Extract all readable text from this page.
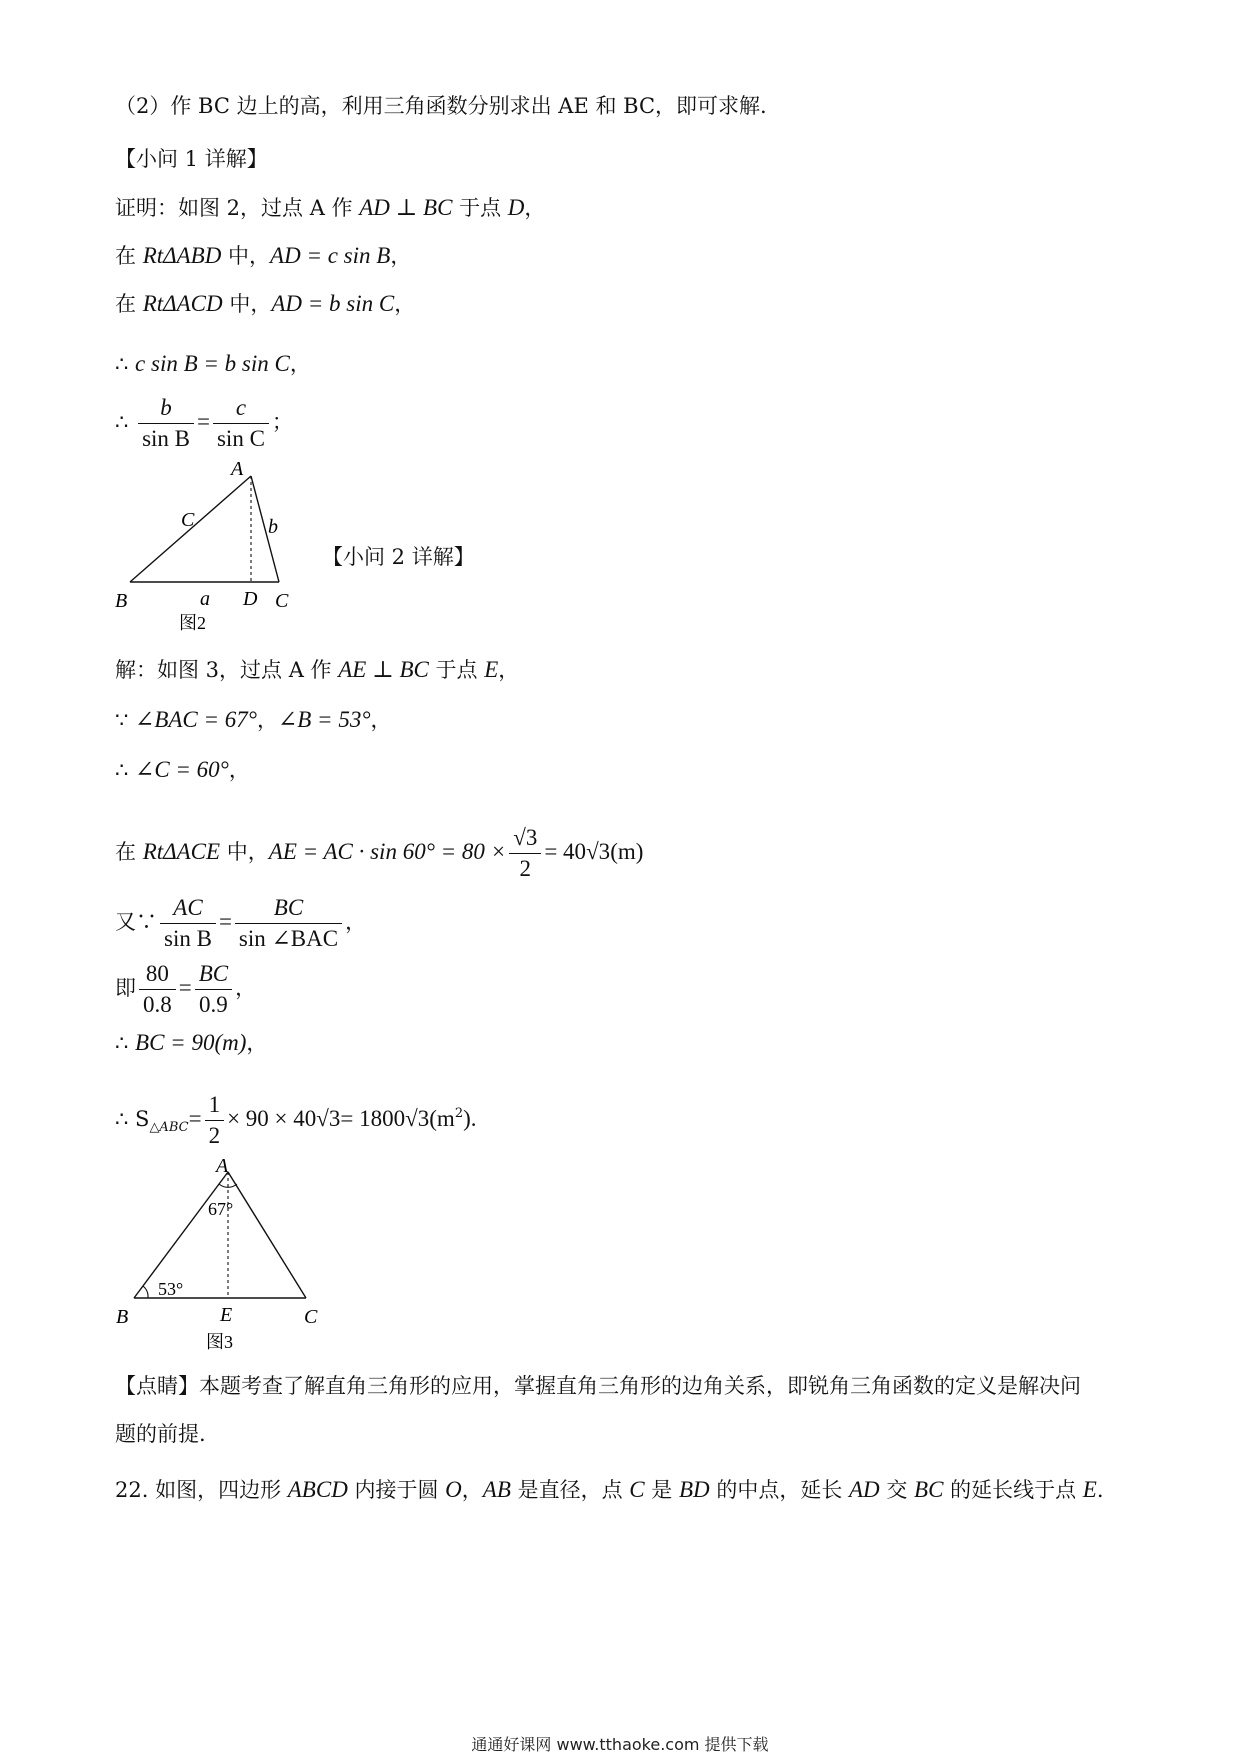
（2）作 BC 边上的高，利用三角函数分别求出 AE 和 BC，即可求解.
【小问 1 详解】
证明：如图 2，过点 A 作 AD ⊥ BC 于点 D，
在 RtΔABD 中，AD = c sin B，
在 RtΔACD 中，AD = b sin C，
∴ c sin B = b sin C，
∴ $\frac{b}{\text{sin B}} = \frac{c}{\text{sin C}}$ ；
A
B	C
D
C	b
a
图2
【小问 2 详解】
解：如图 3，过点 A 作 AE ⊥ BC 于点 E，
∵ ∠BAC = 67°，∠B = 53°，
∴ ∠C = 60°，
在 RtΔACE 中，AE = AC · $\sin 60^\circ = 80 \times \frac{√3}{2} = 40√3(m)$
又∵ $\frac{AC}{\text{sin B}} = \frac{BC}{\text{sin ∠BAC}}$ ，
即 $\frac{80}{0.8} = \frac{BC}{0.9}$ ，
∴ BC = 90(m)，
∴ $S_{\triangle ABC}= \frac{1}{2} \times 90 \times 40√3= 1800√3(m^2)$.
A
B	C
E
67°
53°
图3
【点睛】本题考查了解直角三角形的应用，掌握直角三角形的边角关系，即锐角三角函数的定义是解决问
题的前提.
22. 如图，四边形 ABCD 内接于圆 O，AB 是直径，点 C 是 BD 的中点，延长 AD 交 BC 的延长线于点 E.
通通好课网 www.tthaoke.com 提供下载
